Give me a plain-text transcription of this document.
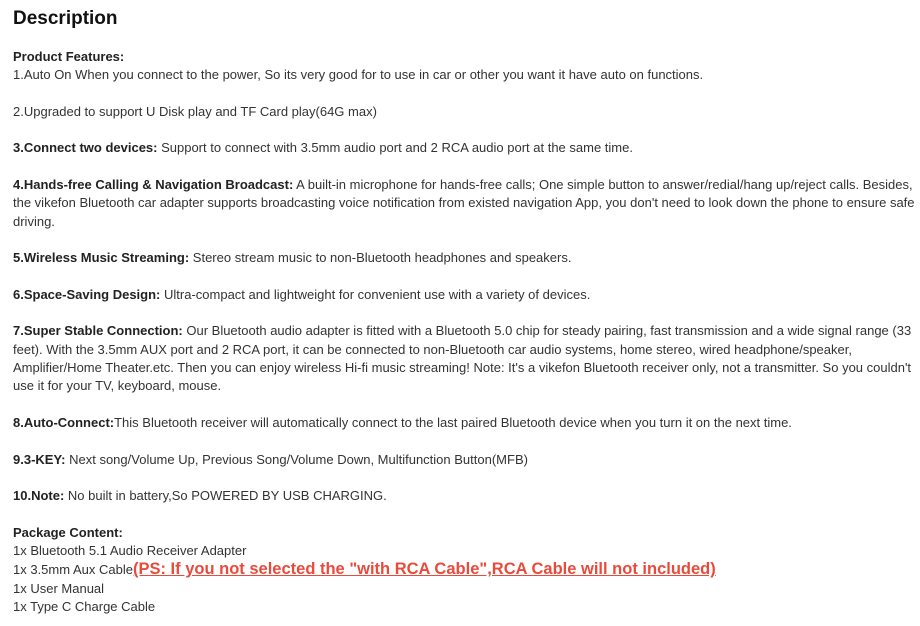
Description
Product Features:
1.Auto On When you connect to the power, So its very good for to use in car or other you want it have auto on functions.

2.Upgraded to support U Disk play and TF Card play(64G max)

3.Connect two devices: Support to connect with 3.5mm audio port and 2 RCA audio port at the same time.

4.Hands-free Calling & Navigation Broadcast: A built-in microphone for hands-free calls; One simple button to answer/redial/hang up/reject calls. Besides, the vikefon Bluetooth car adapter supports broadcasting voice notification from existed navigation App, you don't need to look down the phone to ensure safe driving.

5.Wireless Music Streaming: Stereo stream music to non-Bluetooth headphones and speakers.

6.Space-Saving Design: Ultra-compact and lightweight for convenient use with a variety of devices.

7.Super Stable Connection: Our Bluetooth audio adapter is fitted with a Bluetooth 5.0 chip for steady pairing, fast transmission and a wide signal range (33 feet). With the 3.5mm AUX port and 2 RCA port, it can be connected to non-Bluetooth car audio systems, home stereo, wired headphone/speaker, Amplifier/Home Theater.etc. Then you can enjoy wireless Hi-fi music streaming! Note: It's a vikefon Bluetooth receiver only, not a transmitter. So you couldn't use it for your TV, keyboard, mouse.

8.Auto-Connect:This Bluetooth receiver will automatically connect to the last paired Bluetooth device when you turn it on the next time.

9.3-KEY: Next song/Volume Up, Previous Song/Volume Down, Multifunction Button(MFB)

10.Note: No built in battery,So POWERED BY USB CHARGING.

Package Content:

1x Bluetooth 5.1 Audio Receiver Adapter

1x 3.5mm Aux Cable(PS: If you not selected the "with RCA Cable",RCA Cable will not included)

1x User Manual

1x Type C Charge Cable
